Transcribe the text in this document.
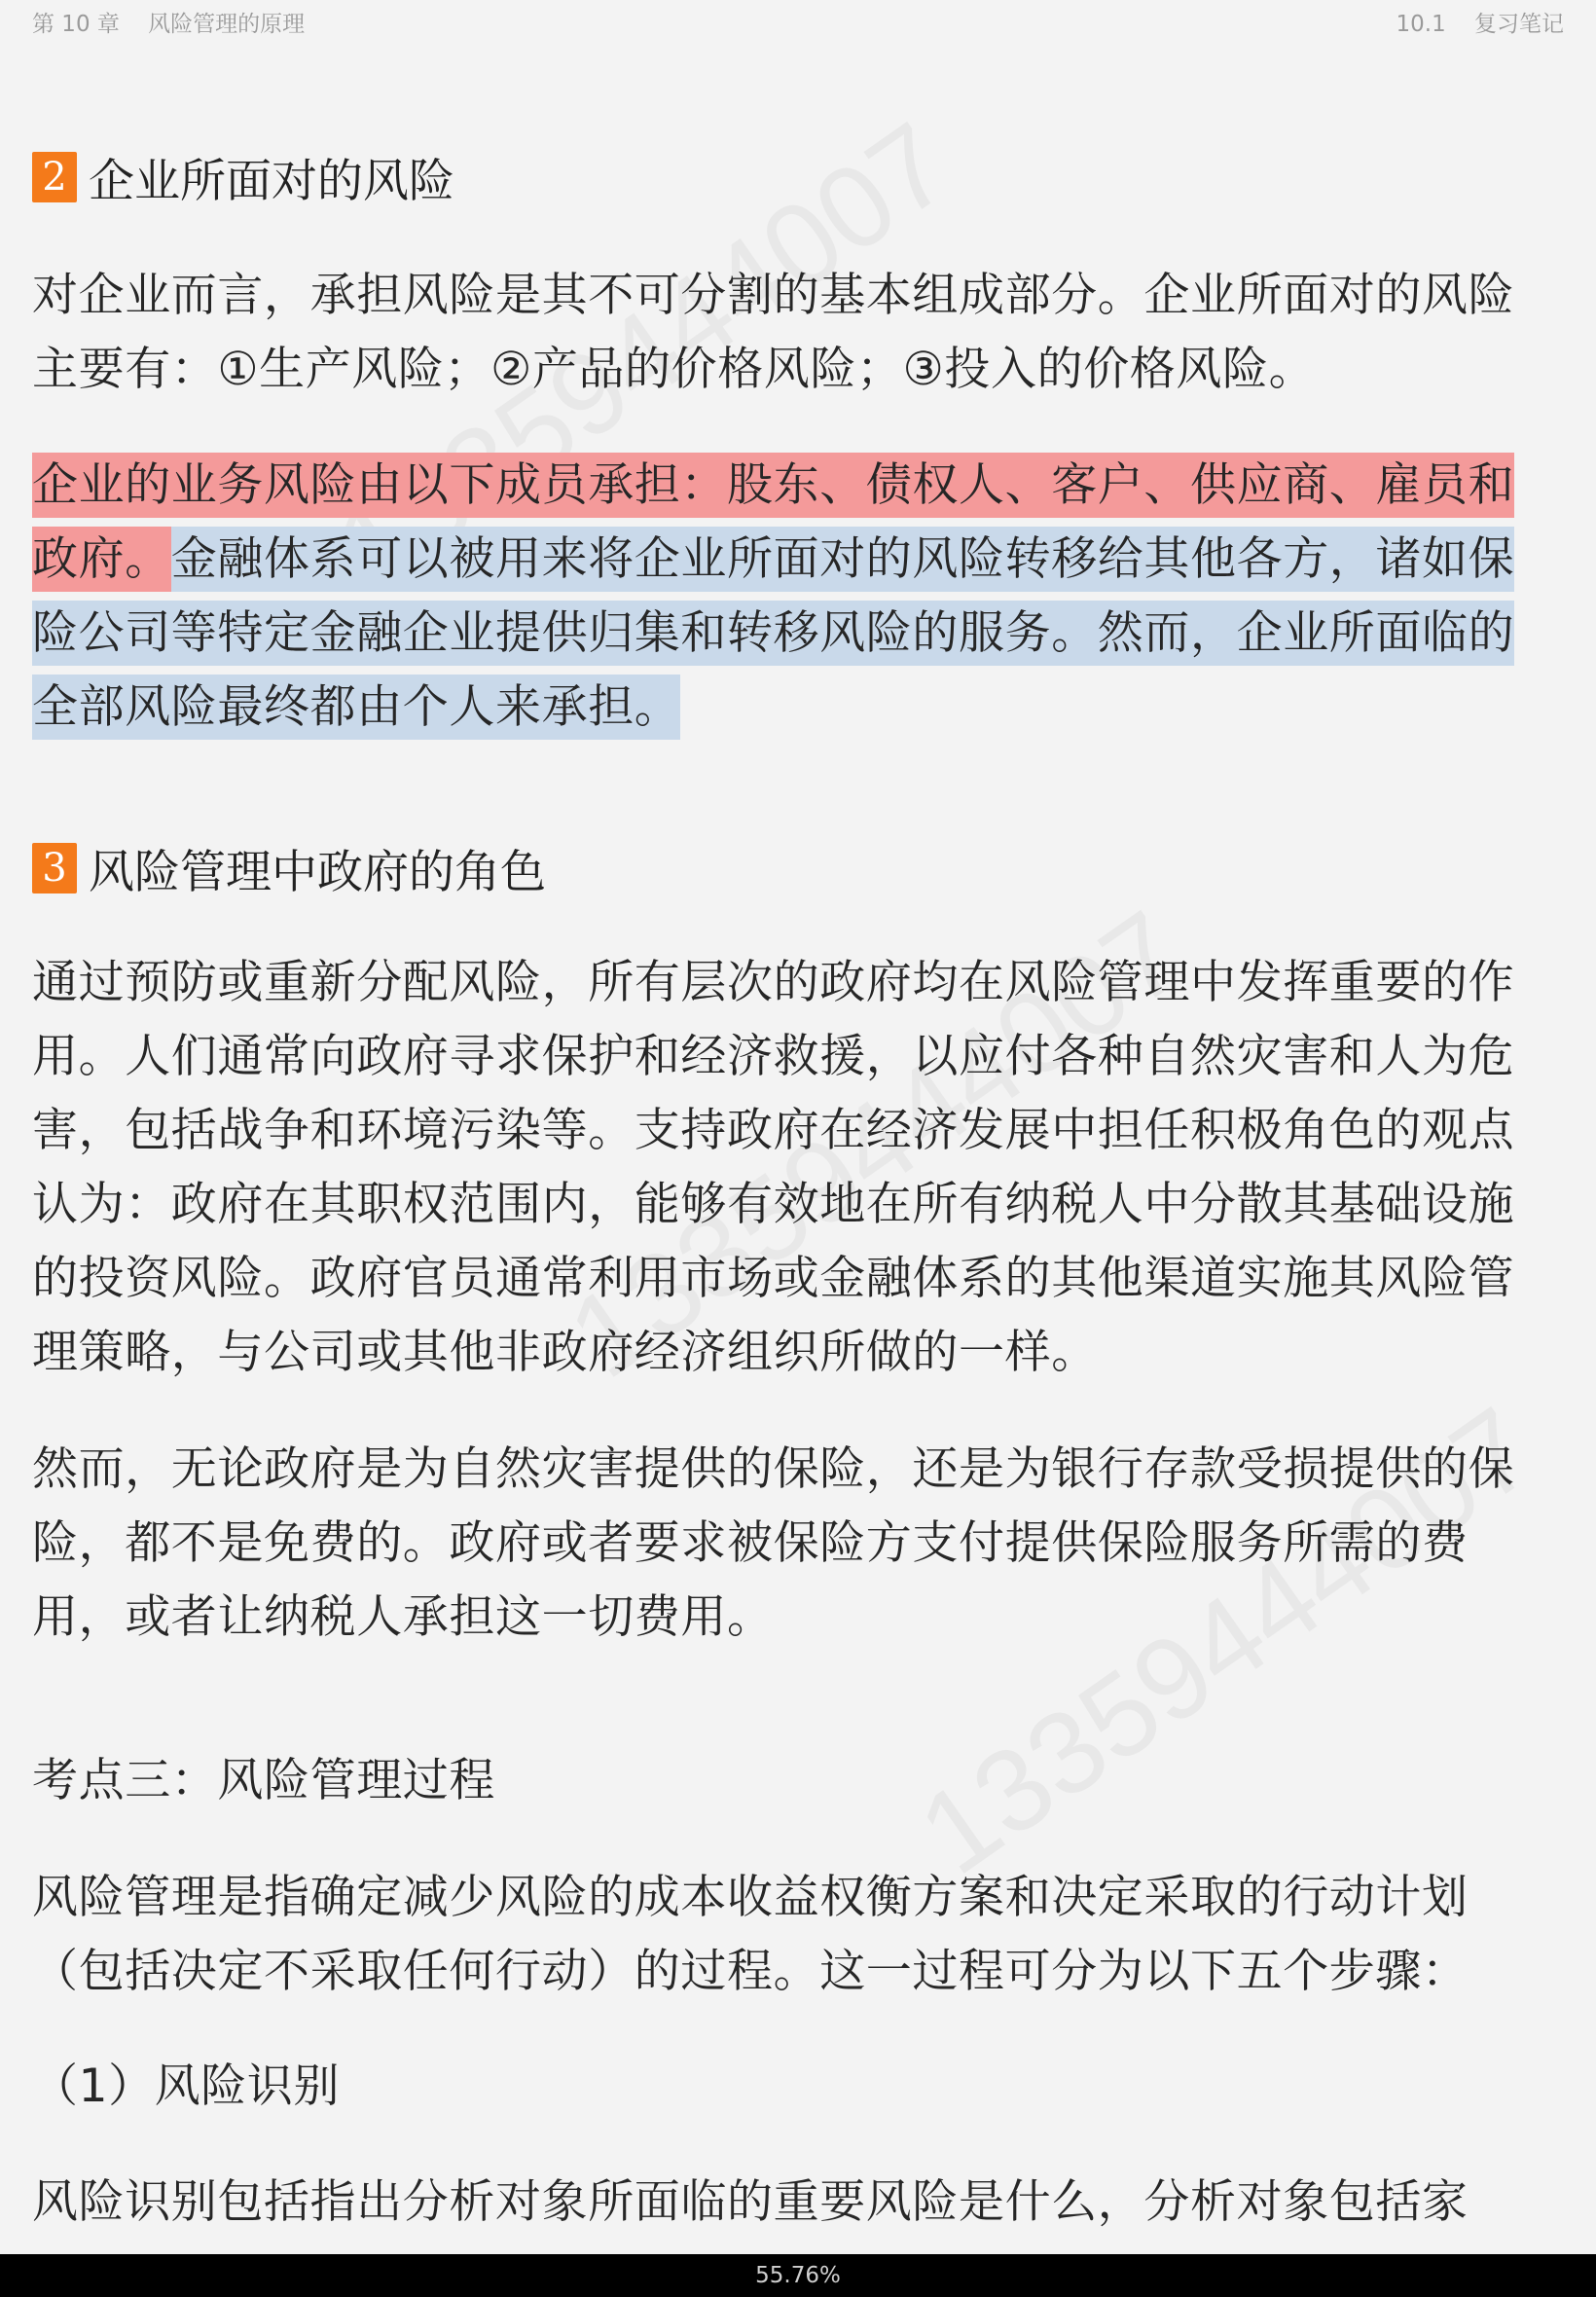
第 10 章    风险管理的原理	10.1    复习笔记
2 企业所面对的风险

对企业而言，承担风险是其不可分割的基本组成部分。企业所面对的风险主要有：①生产风险；②产品的价格风险；③投入的价格风险。

企业的业务风险由以下成员承担：股东、债权人、客户、供应商、雇员和政府。金融体系可以被用来将企业所面对的风险转移给其他各方，诸如保险公司等特定金融企业提供归集和转移风险的服务。然而，企业所面临的全部风险最终都由个人来承担。

3 风险管理中政府的角色

通过预防或重新分配风险，所有层次的政府均在风险管理中发挥重要的作用。人们通常向政府寻求保护和经济救援，以应付各种自然灾害和人为危害，包括战争和环境污染等。支持政府在经济发展中担任积极角色的观点认为：政府在其职权范围内，能够有效地在所有纳税人中分散其基础设施的投资风险。政府官员通常利用市场或金融体系的其他渠道实施其风险管理策略，与公司或其他非政府经济组织所做的一样。

然而，无论政府是为自然灾害提供的保险，还是为银行存款受损提供的保险，都不是免费的。政府或者要求被保险方支付提供保险服务所需的费用，或者让纳税人承担这一切费用。

考点三：风险管理过程

风险管理是指确定减少风险的成本收益权衡方案和决定采取的行动计划（包括决定不采取任何行动）的过程。这一过程可分为以下五个步骤：

（1）风险识别

风险识别包括指出分析对象所面临的重要风险是什么，分析对象包括家

55.76%
